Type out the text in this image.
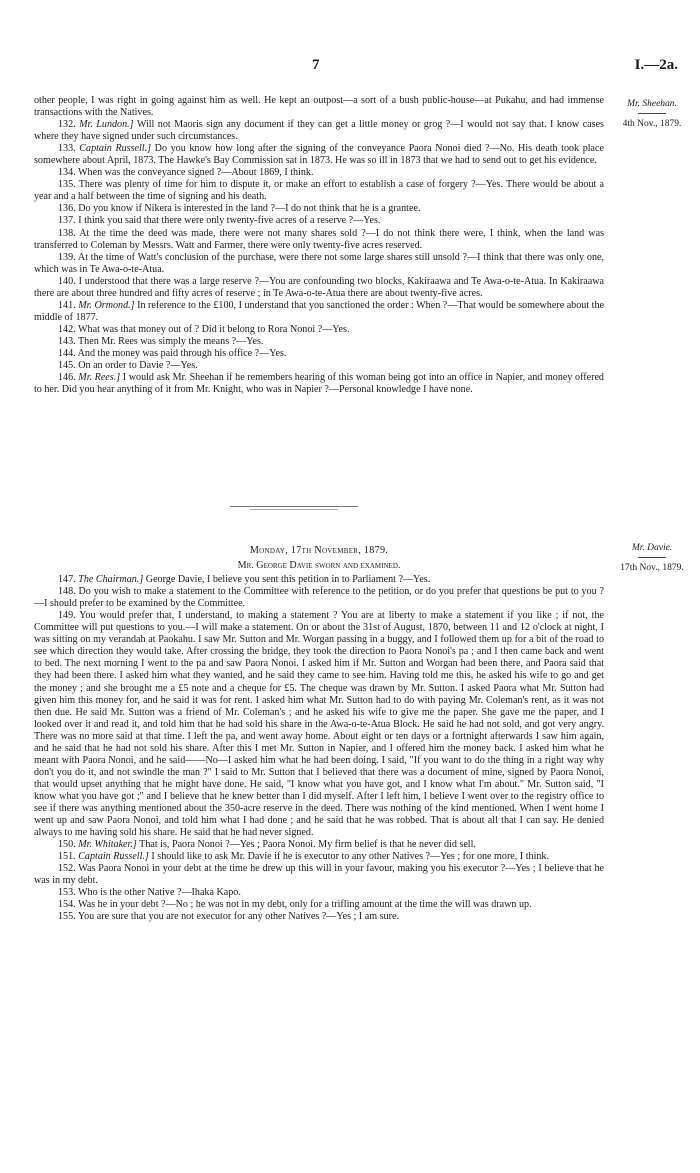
7	I.—2a.
Mr. Sheehan.
4th Nov., 1879.

other people, I was right in going against him as well. He kept an outpost—a sort of a bush public-house—at Pukahu, and had immense transactions with the Natives.

132. Mr. Lundon.] Will not Maoris sign any document if they can get a little money or grog ?—I would not say that. I know cases where they have signed under such circumstances.

133. Captain Russell.] Do you know how long after the signing of the conveyance Paora Nonoi died ?—No. His death took place somewhere about April, 1873. The Hawke's Bay Commission sat in 1873. He was so ill in 1873 that we had to send out to get his evidence.

134. When was the conveyance signed ?—About 1869, I think.

135. There was plenty of time for him to dispute it, or make an effort to establish a case of forgery ?—Yes. There would be about a year and a half between the time of signing and his death.

136. Do you know if Nikera is interested in the land ?—I do not think that he is a grantee.

137. I think you said that there were only twenty-five acres of a reserve ?—Yes.

138. At the time the deed was made, there were not many shares sold ?—I do not think there were, I think, when the land was transferred to Coleman by Messrs. Watt and Farmer, there were only twenty-five acres reserved.

139. At the time of Watt's conclusion of the purchase, were there not some large shares still unsold ?—I think that there was only one, which was in Te Awa-o-te-Atua.

140. I understood that there was a large reserve ?—You are confounding two blocks, Kakiraawa and Te Awa-o-te-Atua. In Kakiraawa there are about three hundred and fifty acres of reserve ; in Te Awa-o-te-Atua there are about twenty-five acres.

141. Mr. Ormond.] In reference to the £100, I understand that you sanctioned the order : When ?—That would be somewhere about the middle of 1877.

142. What was that money out of ? Did it belong to Rora Nonoi ?—Yes.

143. Then Mr. Rees was simply the means ?—Yes.

144. And the money was paid through his office ?—Yes.

145. On an order to Davie ?—Yes.

146. Mr. Rees.] I would ask Mr. Sheehan if he remembers hearing of this woman being got into an office in Napier, and money offered to her. Did you hear anything of it from Mr. Knight, who was in Napier ?—Personal knowledge I have none.

Mr. Davie.
17th Nov., 1879.

Monday, 17th November, 1879.

Mr. George Davie sworn and examined.

147. The Chairman.] George Davie, I believe you sent this petition in to Parliament ?—Yes.

148. Do you wish to make a statement to the Committee with reference to the petition, or do you prefer that questions be put to you ?—I should prefer to be examined by the Committee.

149. You would prefer that, I understand, to making a statement ? You are at liberty to make a statement if you like ; if not, the Committee will put questions to you.—I will make a statement. On or about the 31st of August, 1870, between 11 and 12 o'clock at night, I was sitting on my verandah at Paokahu. I saw Mr. Sutton and Mr. Worgan passing in a buggy, and I followed them up for a bit of the road to see which direction they would take. After crossing the bridge, they took the direction to Paora Nonoi's pa ; and I then came back and went to bed. The next morning I went to the pa and saw Paora Nonoi. I asked him if Mr. Sutton and Worgan had been there, and Paora said that they had been there. I asked him what they wanted, and he said they came to see him. Having told me this, he asked his wife to go and get the money ; and she brought me a £5 note and a cheque for £5. The cheque was drawn by Mr. Sutton. I asked Paora what Mr. Sutton had given him this money for, and he said it was for rent. I asked him what Mr. Sutton had to do with paying Mr. Coleman's rent, as it was not then due. He said Mr. Sutton was a friend of Mr. Coleman's ; and he asked his wife to give me the paper. She gave me the paper, and I looked over it and read it, and told him that he had sold his share in the Awa-o-te-Atua Block. He said he had not sold, and got very angry. There was no more said at that time. I left the pa, and went away home. About eight or ten days or a fortnight afterwards I saw him again, and he said that he had not sold his share. After this I met Mr. Sutton in Napier, and I offered him the money back. I asked him what he meant with Paora Nonoi, and he said——No—I asked him what he had been doing. I said, "If you want to do the thing in a right way why don't you do it, and not swindle the man ?" I said to Mr. Sutton that I believed that there was a document of mine, signed by Paora Nonoi, that would upset anything that he might have done. He said, "I know what you have got, and I know what I'm about." Mr. Sutton said, "I know what you have got ;" and I believe that he knew better than I did myself. After I left him, I believe I went over to the registry office to see if there was anything mentioned about the 350-acre reserve in the deed. There was nothing of the kind mentioned. When I went home I went up and saw Paora Nonoi, and told him what I had done ; and he said that he was robbed. That is about all that I can say. He denied always to me having sold his share. He said that he had never signed.

150. Mr. Whitaker.] That is, Paora Nonoi ?—Yes ; Paora Nonoi. My firm belief is that he never did sell.

151. Captain Russell.] I should like to ask Mr. Davie if he is executor to any other Natives ?—Yes ; for one more, I think.

152. Was Paora Nonoi in your debt at the time he drew up this will in your favour, making you his executor ?—Yes ; I believe that he was in my debt.

153. Who is the other Native ?—Ihaka Kapo.

154. Was he in your debt ?—No ; he was not in my debt, only for a trifling amount at the time the will was drawn up.

155. You are sure that you are not executor for any other Natives ?—Yes ; I am sure.
